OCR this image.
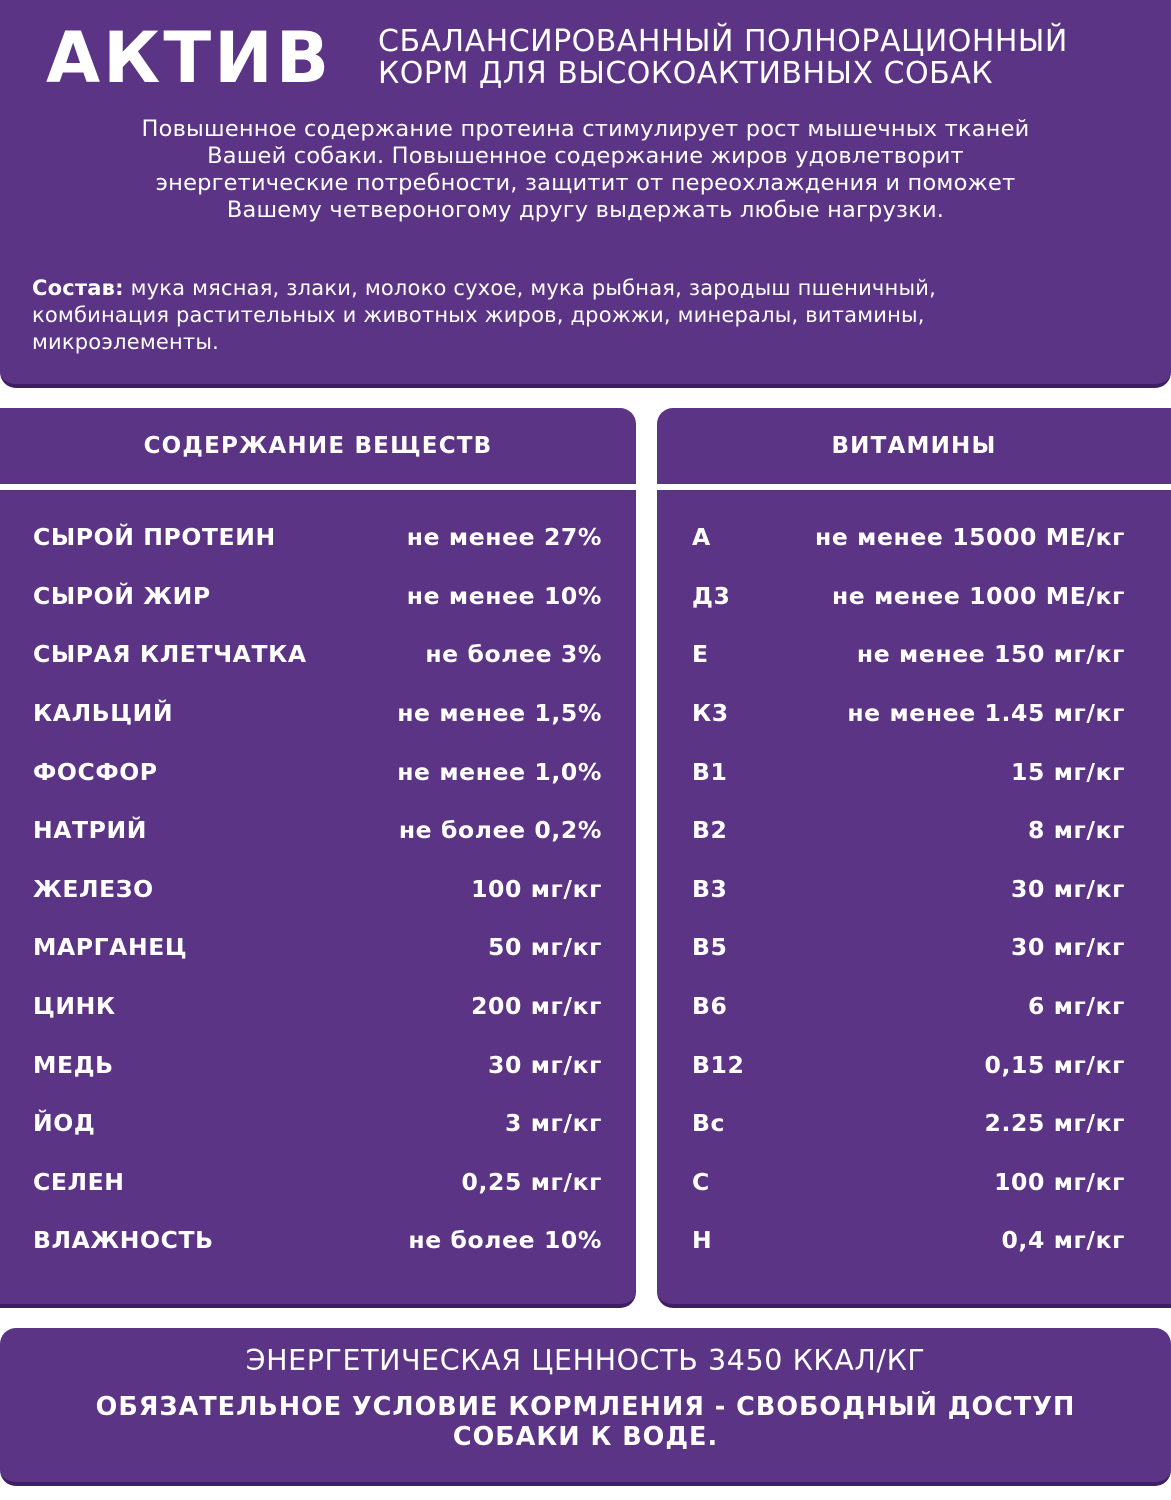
АКТИВ СБАЛАНСИРОВАННЫЙ ПОЛНОРАЦИОННЫЙ
КОРМ ДЛЯ ВЫСОКОАКТИВНЫХ СОБАК
Повышенное содержание протеина стимулирует рост мышечных тканей
Вашей собаки. Повышенное содержание жиров удовлетворит
энергетические потребности, защитит от переохлаждения и поможет
Вашему четвероногому другу выдержать любые нагрузки.
Состав: мука мясная, злаки, молоко сухое, мука рыбная, зародыш пшеничный,
комбинация растительных и животных жиров, дрожжи, минералы, витамины,
микроэлементы.
СОДЕРЖАНИЕ ВЕЩЕСТВ
СЫРОЙ ПРОТЕИН	не менее 27%
СЫРОЙ ЖИР	не менее 10%
СЫРАЯ КЛЕТЧАТКА	не более 3%
КАЛЬЦИЙ	не менее 1,5%
ФОСФОР	не менее 1,0%
НАТРИЙ	не более 0,2%
ЖЕЛЕЗО	100 мг/кг
МАРГАНЕЦ	50 мг/кг
ЦИНК	200 мг/кг
МЕДЬ	30 мг/кг
ЙОД	3 мг/кг
СЕЛЕН	0,25 мг/кг
ВЛАЖНОСТЬ	не более 10%
ВИТАМИНЫ
А	не менее 15000 МЕ/кг
Д3	не менее 1000 МЕ/кг
Е	не менее 150 мг/кг
К3	не менее 1.45 мг/кг
В1	15 мг/кг
В2	8 мг/кг
В3	30 мг/кг
В5	30 мг/кг
В6	6 мг/кг
В12	0,15 мг/кг
Вс	2.25 мг/кг
С	100 мг/кг
Н	0,4 мг/кг
ЭНЕРГЕТИЧЕСКАЯ ЦЕННОСТЬ 3450 ККАЛ/КГ
ОБЯЗАТЕЛЬНОЕ УСЛОВИЕ КОРМЛЕНИЯ - СВОБОДНЫЙ ДОСТУП
СОБАКИ К ВОДЕ.
